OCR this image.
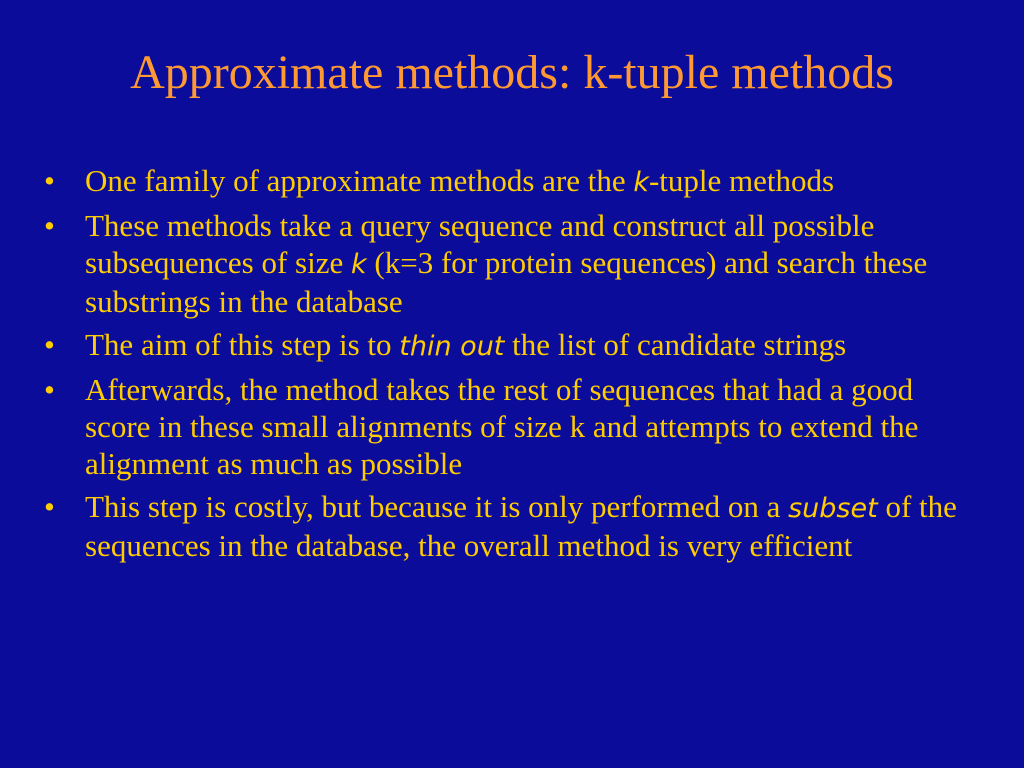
Approximate methods: k-tuple methods
• One family of approximate methods are the k-tuple methods
• These methods take a query sequence and construct all possible subsequences of size k (k=3 for protein sequences) and search these substrings in the database
• The aim of this step is to thin out the list of candidate strings
• Afterwards, the method takes the rest of sequences that had a good score in these small alignments of size k and attempts to extend the alignment as much as possible
• This step is costly, but because it is only performed on a subset of the sequences in the database, the overall method is very efficient
